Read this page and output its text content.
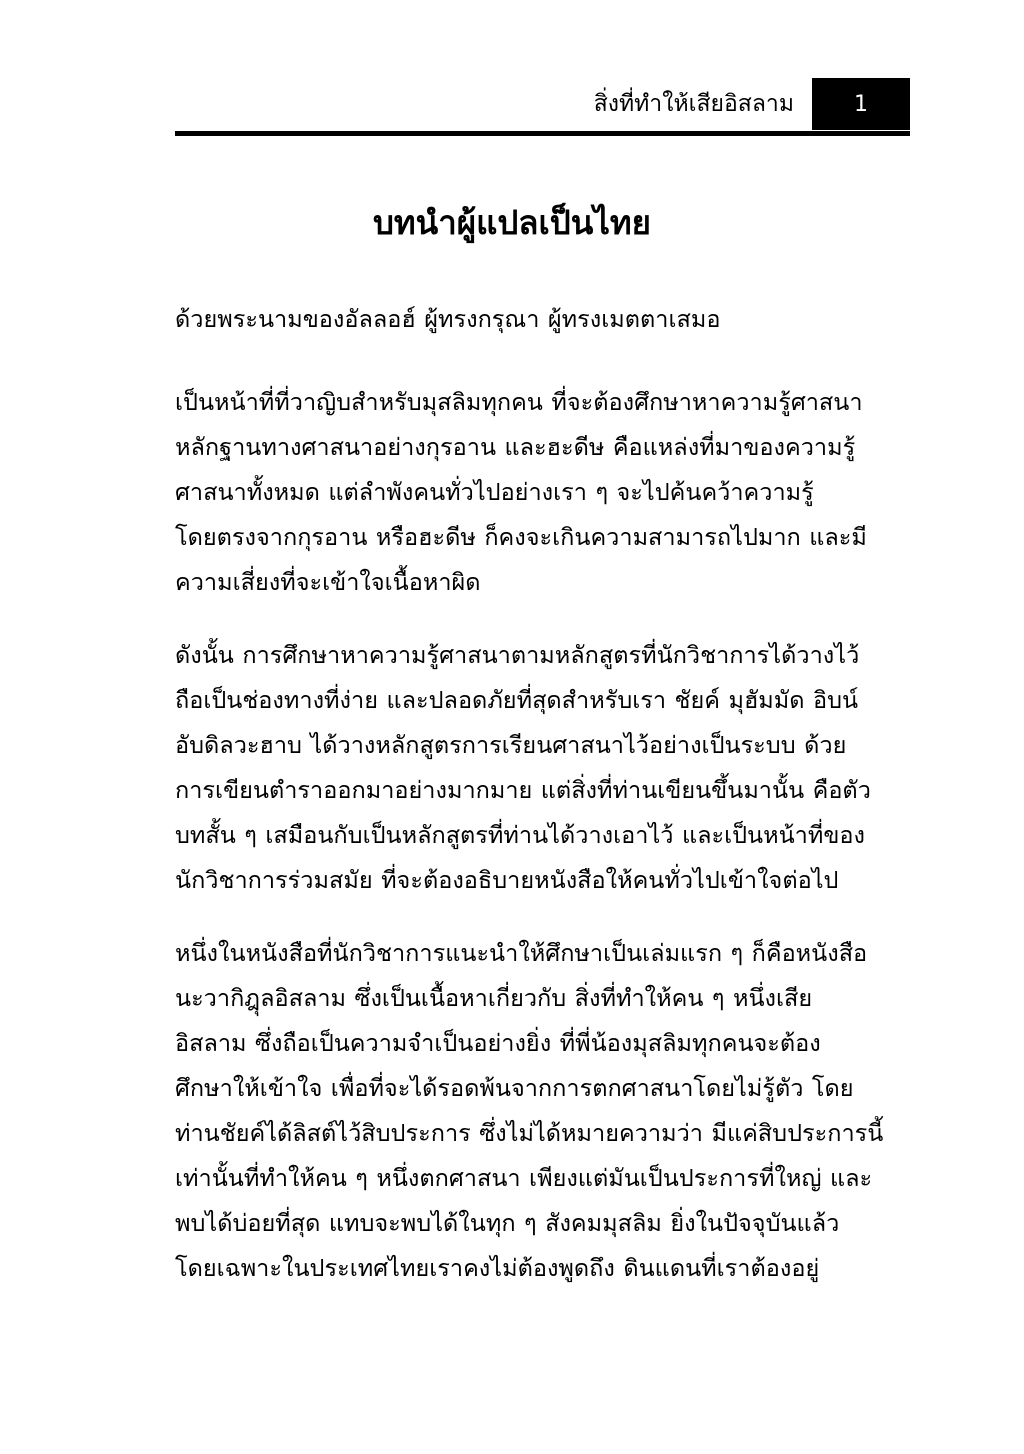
สิ่งที่ทำให้เสียอิสลาม	1
บทนำผู้แปลเป็นไทย

ด้วยพระนามของอัลลอฮ์ ผู้ทรงกรุณา ผู้ทรงเมตตาเสมอ

เป็นหน้าที่ที่วาญิบสำหรับมุสลิมทุกคน ที่จะต้องศึกษาหาความรู้ศาสนา
หลักฐานทางศาสนาอย่างกุรอาน และฮะดีษ คือแหล่งที่มาของความรู้
ศาสนาทั้งหมด แต่ลำพังคนทั่วไปอย่างเรา ๆ จะไปค้นคว้าความรู้
โดยตรงจากกุรอาน หรือฮะดีษ ก็คงจะเกินความสามารถไปมาก และมี
ความเสี่ยงที่จะเข้าใจเนื้อหาผิด

ดังนั้น การศึกษาหาความรู้ศาสนาตามหลักสูตรที่นักวิชาการได้วางไว้
ถือเป็นช่องทางที่ง่าย และปลอดภัยที่สุดสำหรับเรา ชัยค์ มุฮัมมัด อิบน์
อับดิลวะฮาบ ได้วางหลักสูตรการเรียนศาสนาไว้อย่างเป็นระบบ ด้วย
การเขียนตำราออกมาอย่างมากมาย แต่สิ่งที่ท่านเขียนขึ้นมานั้น คือตัว
บทสั้น ๆ เสมือนกับเป็นหลักสูตรที่ท่านได้วางเอาไว้ และเป็นหน้าที่ของ
นักวิชาการร่วมสมัย ที่จะต้องอธิบายหนังสือให้คนทั่วไปเข้าใจต่อไป

หนึ่งในหนังสือที่นักวิชาการแนะนำให้ศึกษาเป็นเล่มแรก ๆ ก็คือหนังสือ
นะวากิฎุลอิสลาม ซึ่งเป็นเนื้อหาเกี่ยวกับ สิ่งที่ทำให้คน ๆ หนึ่งเสีย
อิสลาม ซึ่งถือเป็นความจำเป็นอย่างยิ่ง ที่พี่น้องมุสลิมทุกคนจะต้อง
ศึกษาให้เข้าใจ เพื่อที่จะได้รอดพ้นจากการตกศาสนาโดยไม่รู้ตัว โดย
ท่านชัยค์ได้ลิสต์ไว้สิบประการ ซึ่งไม่ได้หมายความว่า มีแค่สิบประการนี้
เท่านั้นที่ทำให้คน ๆ หนึ่งตกศาสนา เพียงแต่มันเป็นประการที่ใหญ่ และ
พบได้บ่อยที่สุด แทบจะพบได้ในทุก ๆ สังคมมุสลิม ยิ่งในปัจจุบันแล้ว
โดยเฉพาะในประเทศไทยเราคงไม่ต้องพูดถึง ดินแดนที่เราต้องอยู่
